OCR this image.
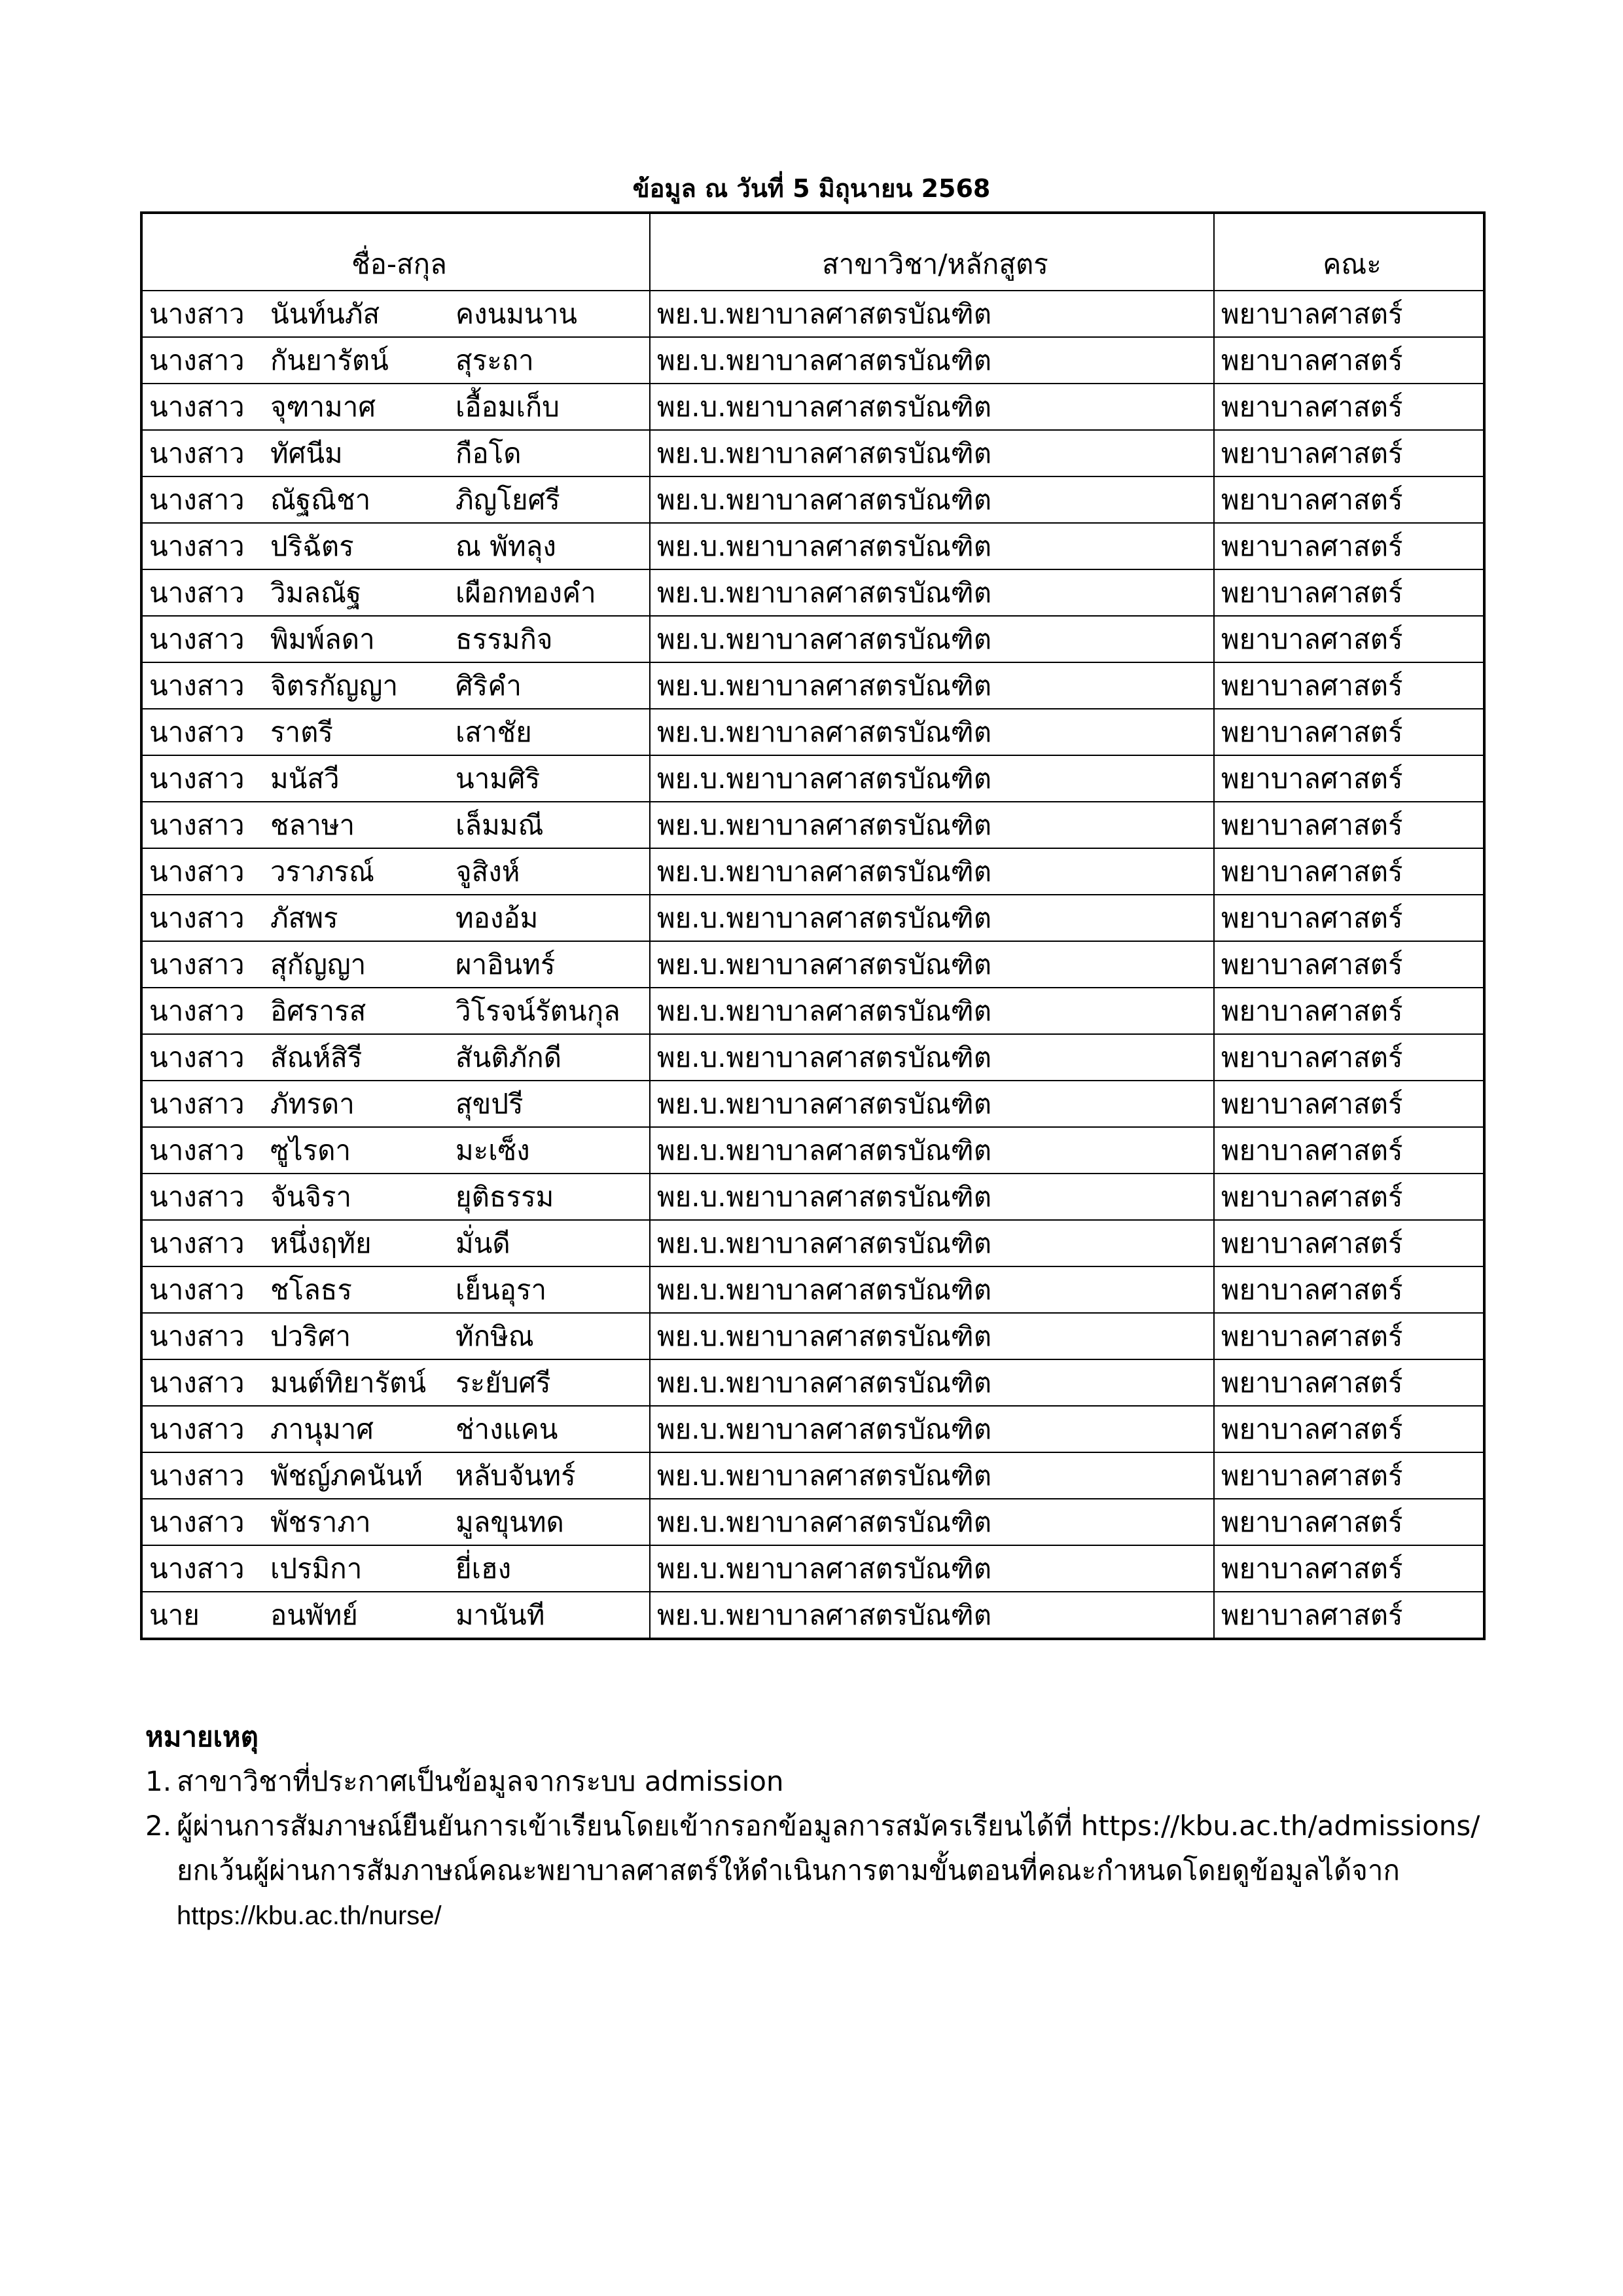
ข้อมูล ณ วันที่ 5 มิถุนายน 2568
ชื่อ-สกุล	สาขาวิชา/หลักสูตร	คณะ

นางสาว นันท์นภัส คงนมนาน	พย.บ.พยาบาลศาสตรบัณฑิต	พยาบาลศาสตร์

นางสาว กันยารัตน์ สุระถา	พย.บ.พยาบาลศาสตรบัณฑิต	พยาบาลศาสตร์

นางสาว จุฑามาศ เอื้อมเก็บ	พย.บ.พยาบาลศาสตรบัณฑิต	พยาบาลศาสตร์

นางสาว ทัศนีม กือโด	พย.บ.พยาบาลศาสตรบัณฑิต	พยาบาลศาสตร์

นางสาว ณัฐณิชา ภิญโยศรี	พย.บ.พยาบาลศาสตรบัณฑิต	พยาบาลศาสตร์

นางสาว ปริฉัตร ณ พัทลุง	พย.บ.พยาบาลศาสตรบัณฑิต	พยาบาลศาสตร์

นางสาว วิมลณัฐ เผือกทองคำ	พย.บ.พยาบาลศาสตรบัณฑิต	พยาบาลศาสตร์

นางสาว พิมพ์ลดา ธรรมกิจ	พย.บ.พยาบาลศาสตรบัณฑิต	พยาบาลศาสตร์

นางสาว จิตรกัญญา ศิริคำ	พย.บ.พยาบาลศาสตรบัณฑิต	พยาบาลศาสตร์

นางสาว ราตรี เสาชัย	พย.บ.พยาบาลศาสตรบัณฑิต	พยาบาลศาสตร์

นางสาว มนัสวี นามศิริ	พย.บ.พยาบาลศาสตรบัณฑิต	พยาบาลศาสตร์

นางสาว ชลาษา เล็มมณี	พย.บ.พยาบาลศาสตรบัณฑิต	พยาบาลศาสตร์

นางสาว วราภรณ์ จูสิงห์	พย.บ.พยาบาลศาสตรบัณฑิต	พยาบาลศาสตร์

นางสาว ภัสพร ทองอ้ม	พย.บ.พยาบาลศาสตรบัณฑิต	พยาบาลศาสตร์

นางสาว สุกัญญา ผาอินทร์	พย.บ.พยาบาลศาสตรบัณฑิต	พยาบาลศาสตร์

นางสาว อิศรารส วิโรจน์รัตนกุล	พย.บ.พยาบาลศาสตรบัณฑิต	พยาบาลศาสตร์

นางสาว สัณห์สิรี สันติภักดี	พย.บ.พยาบาลศาสตรบัณฑิต	พยาบาลศาสตร์

นางสาว ภัทรดา สุขปรี	พย.บ.พยาบาลศาสตรบัณฑิต	พยาบาลศาสตร์

นางสาว ซูไรดา มะเซ็ง	พย.บ.พยาบาลศาสตรบัณฑิต	พยาบาลศาสตร์

นางสาว จันจิรา ยุติธรรม	พย.บ.พยาบาลศาสตรบัณฑิต	พยาบาลศาสตร์

นางสาว หนึ่งฤทัย มั่นดี	พย.บ.พยาบาลศาสตรบัณฑิต	พยาบาลศาสตร์

นางสาว ชโลธร เย็นอุรา	พย.บ.พยาบาลศาสตรบัณฑิต	พยาบาลศาสตร์

นางสาว ปวริศา ทักษิณ	พย.บ.พยาบาลศาสตรบัณฑิต	พยาบาลศาสตร์

นางสาว มนต์ทิยารัตน์ ระยับศรี	พย.บ.พยาบาลศาสตรบัณฑิต	พยาบาลศาสตร์

นางสาว ภานุมาศ ช่างแคน	พย.บ.พยาบาลศาสตรบัณฑิต	พยาบาลศาสตร์

นางสาว พัชญ์ภคนันท์ หลับจันทร์	พย.บ.พยาบาลศาสตรบัณฑิต	พยาบาลศาสตร์

นางสาว พัชราภา มูลขุนทด	พย.บ.พยาบาลศาสตรบัณฑิต	พยาบาลศาสตร์

นางสาว เปรมิกา ยี่เฮง	พย.บ.พยาบาลศาสตรบัณฑิต	พยาบาลศาสตร์

นาย อนพัทย์ มานันที	พย.บ.พยาบาลศาสตรบัณฑิต	พยาบาลศาสตร์
หมายเหตุ
1. สาขาวิชาที่ประกาศเป็นข้อมูลจากระบบ admission
2. ผู้ผ่านการสัมภาษณ์ยืนยันการเข้าเรียนโดยเข้ากรอกข้อมูลการสมัครเรียนได้ที่ https://kbu.ac.th/admissions/
ยกเว้นผู้ผ่านการสัมภาษณ์คณะพยาบาลศาสตร์ให้ดำเนินการตามขั้นตอนที่คณะกำหนดโดยดูข้อมูลได้จาก
https://kbu.ac.th/nurse/
